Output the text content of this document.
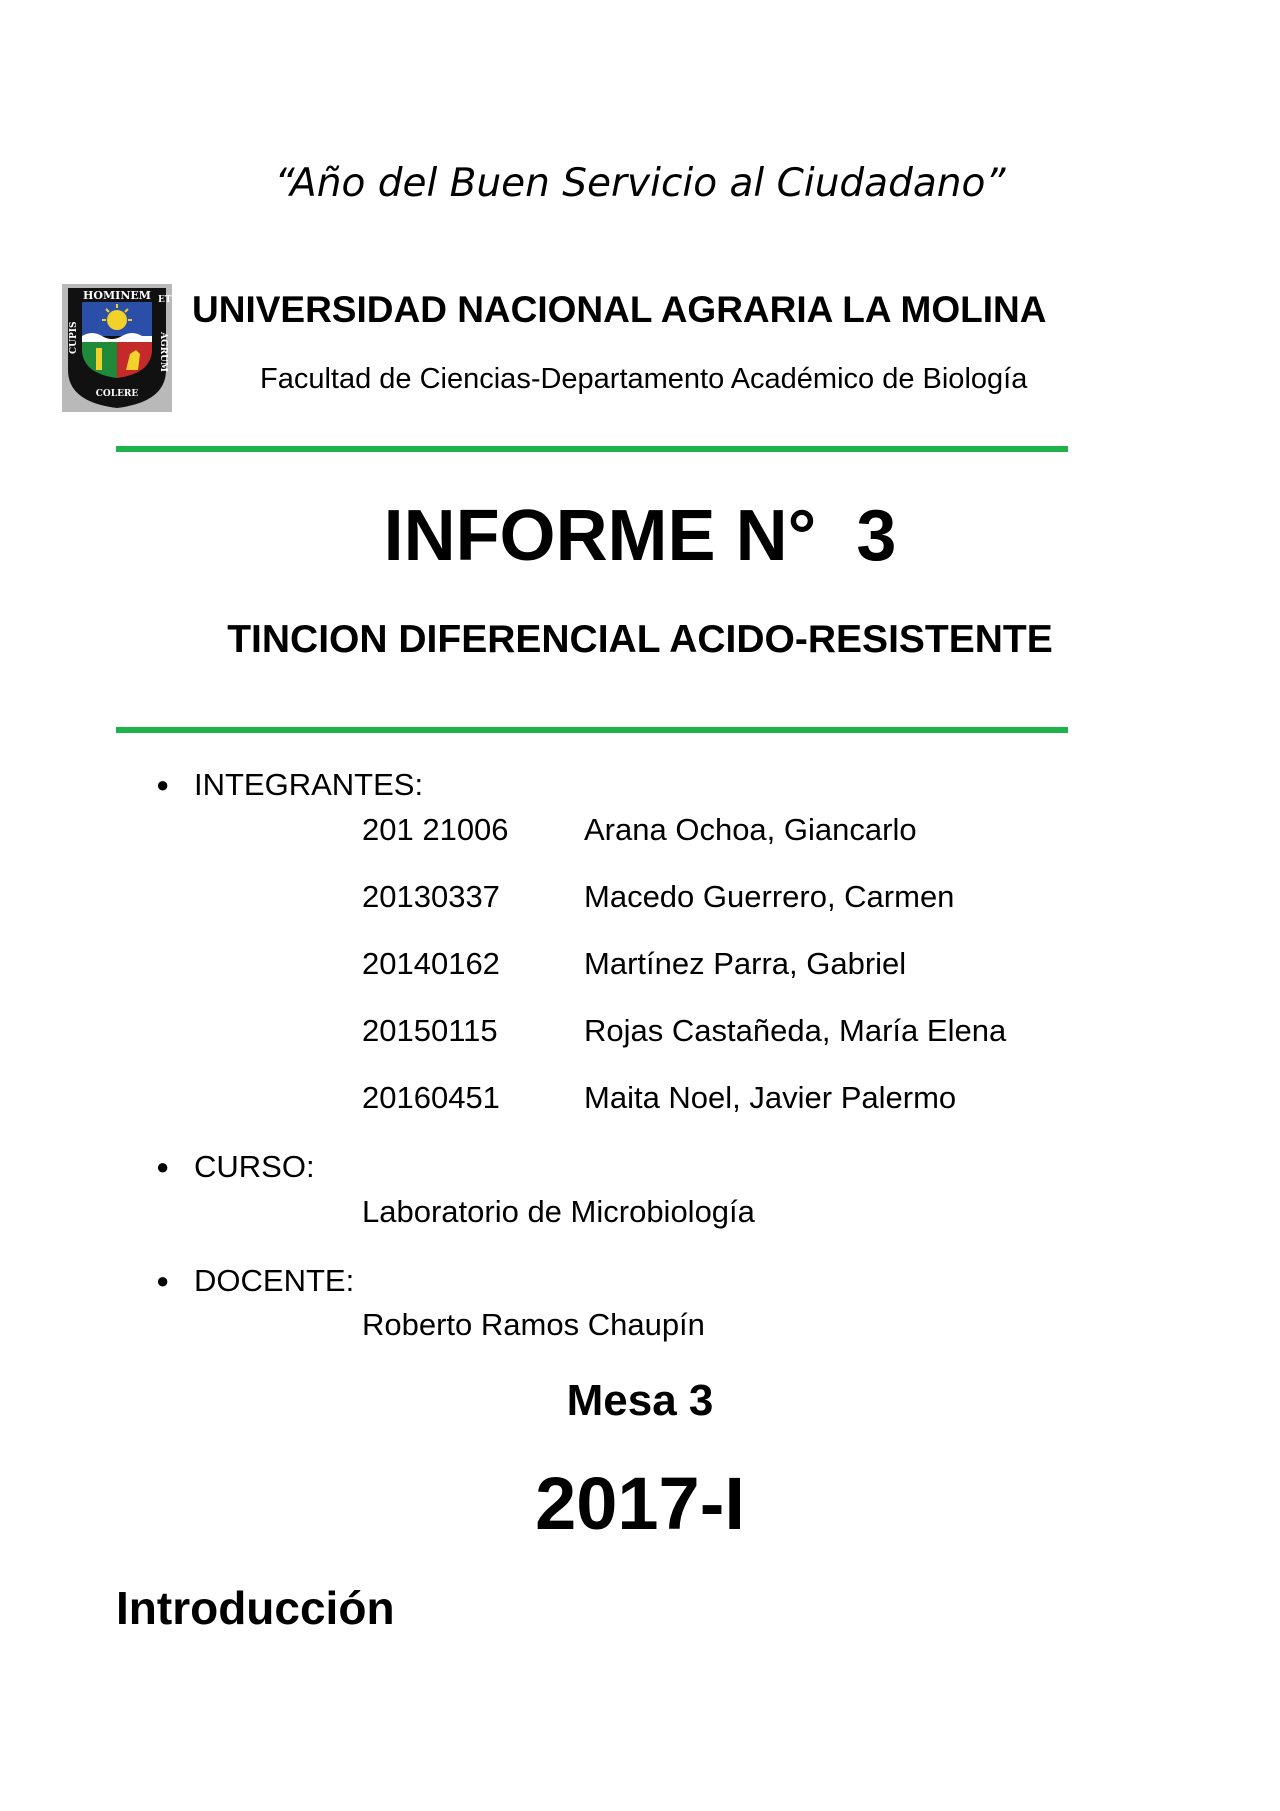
“Año del Buen Servicio al Ciudadano”
HOMINEM ET
AGRUM
CUPIS
COLERE
UNIVERSIDAD NACIONAL AGRARIA LA MOLINA
Facultad de Ciencias-Departamento Académico de Biología
INFORME N°  3
TINCION DIFERENCIAL ACIDO-RESISTENTE
● INTEGRANTES:
201 21006 Arana Ochoa, Giancarlo
20130337	Macedo Guerrero, Carmen
20140162	Martínez Parra, Gabriel
20150115	Rojas Castañeda, María Elena
20160451	Maita Noel, Javier Palermo
● CURSO:
Laboratorio de Microbiología
● DOCENTE:
Roberto Ramos Chaupín
Mesa 3
2017-I
Introducción
